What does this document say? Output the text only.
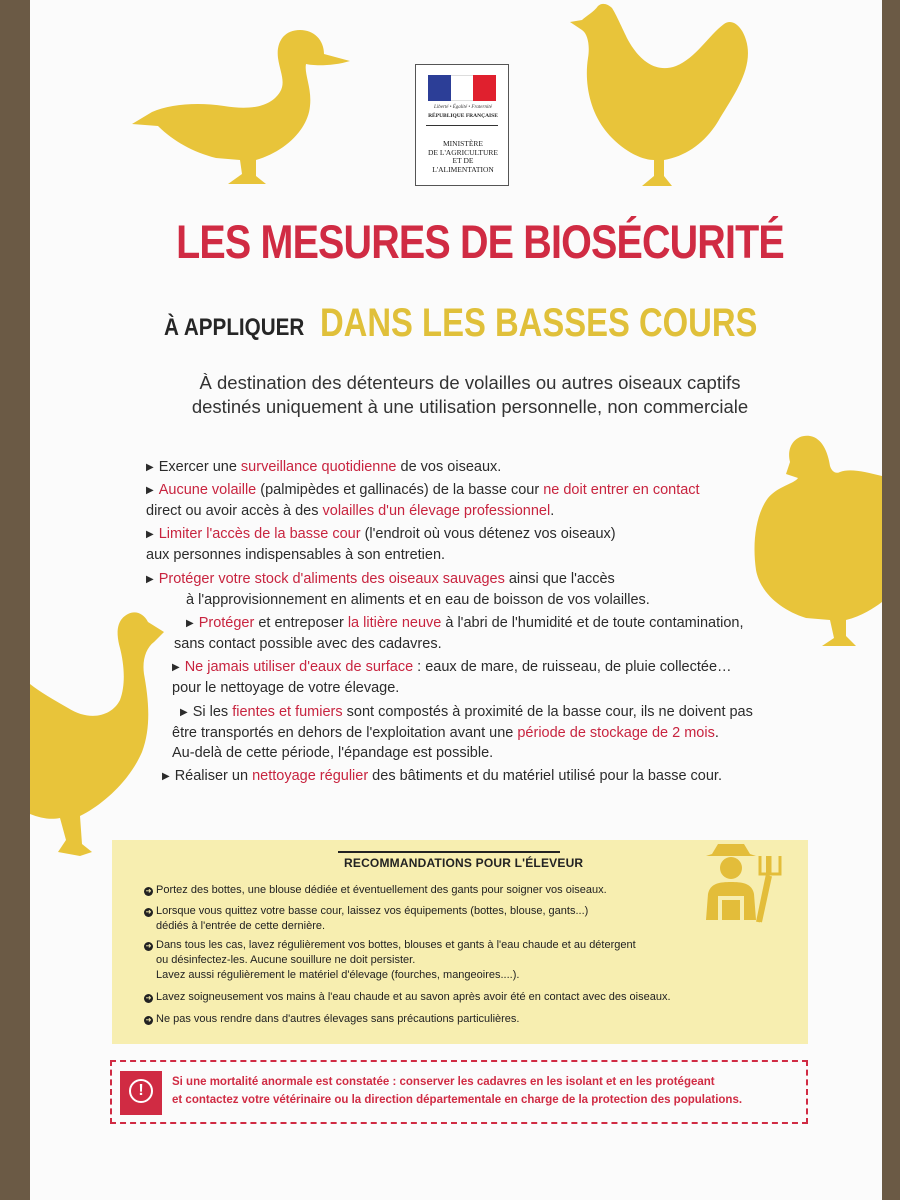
Liberté • Égalité • Fraternité
RÉPUBLIQUE FRANÇAISE
MINISTÈRE
DE L'AGRICULTURE
ET DE
L'ALIMENTATION
LES MESURES DE BIOSÉCURITÉ
À APPLIQUER DANS LES BASSES COURS
À destination des détenteurs de volailles ou autres oiseaux captifs
destinés uniquement à une utilisation personnelle, non commerciale
▶ Exercer une surveillance quotidienne de vos oiseaux.
▶ Aucune volaille (palmipèdes et gallinacés) de la basse cour ne doit entrer en contact
direct ou avoir accès à des volailles d'un élevage professionnel.
▶ Limiter l'accès de la basse cour (l'endroit où vous détenez vos oiseaux)
aux personnes indispensables à son entretien.
▶ Protéger votre stock d'aliments des oiseaux sauvages ainsi que l'accès
à l'approvisionnement en aliments et en eau de boisson de vos volailles.
▶ Protéger et entreposer la litière neuve à l'abri de l'humidité et de toute contamination,
sans contact possible avec des cadavres.
▶ Ne jamais utiliser d'eaux de surface : eaux de mare, de ruisseau, de pluie collectée…
pour le nettoyage de votre élevage.
▶ Si les fientes et fumiers sont compostés à proximité de la basse cour, ils ne doivent pas
être transportés en dehors de l'exploitation avant une période de stockage de 2 mois.
Au-delà de cette période, l'épandage est possible.
▶ Réaliser un nettoyage régulier des bâtiments et du matériel utilisé pour la basse cour.
RECOMMANDATIONS POUR L'ÉLEVEUR
➜ Portez des bottes, une blouse dédiée et éventuellement des gants pour soigner vos oiseaux.
➜ Lorsque vous quittez votre basse cour, laissez vos équipements (bottes, blouse, gants...)
dédiés à l'entrée de cette dernière.
➜ Dans tous les cas, lavez régulièrement vos bottes, blouses et gants à l'eau chaude et au détergent
ou désinfectez-les. Aucune souillure ne doit persister.
Lavez aussi régulièrement le matériel d'élevage (fourches, mangeoires....).
➜ Lavez soigneusement vos mains à l'eau chaude et au savon après avoir été en contact avec des oiseaux.
➜ Ne pas vous rendre dans d'autres élevages sans précautions particulières.
!	Si une mortalité anormale est constatée : conserver les cadavres en les isolant et en les protégeant
et contactez votre vétérinaire ou la direction départementale en charge de la protection des populations.
